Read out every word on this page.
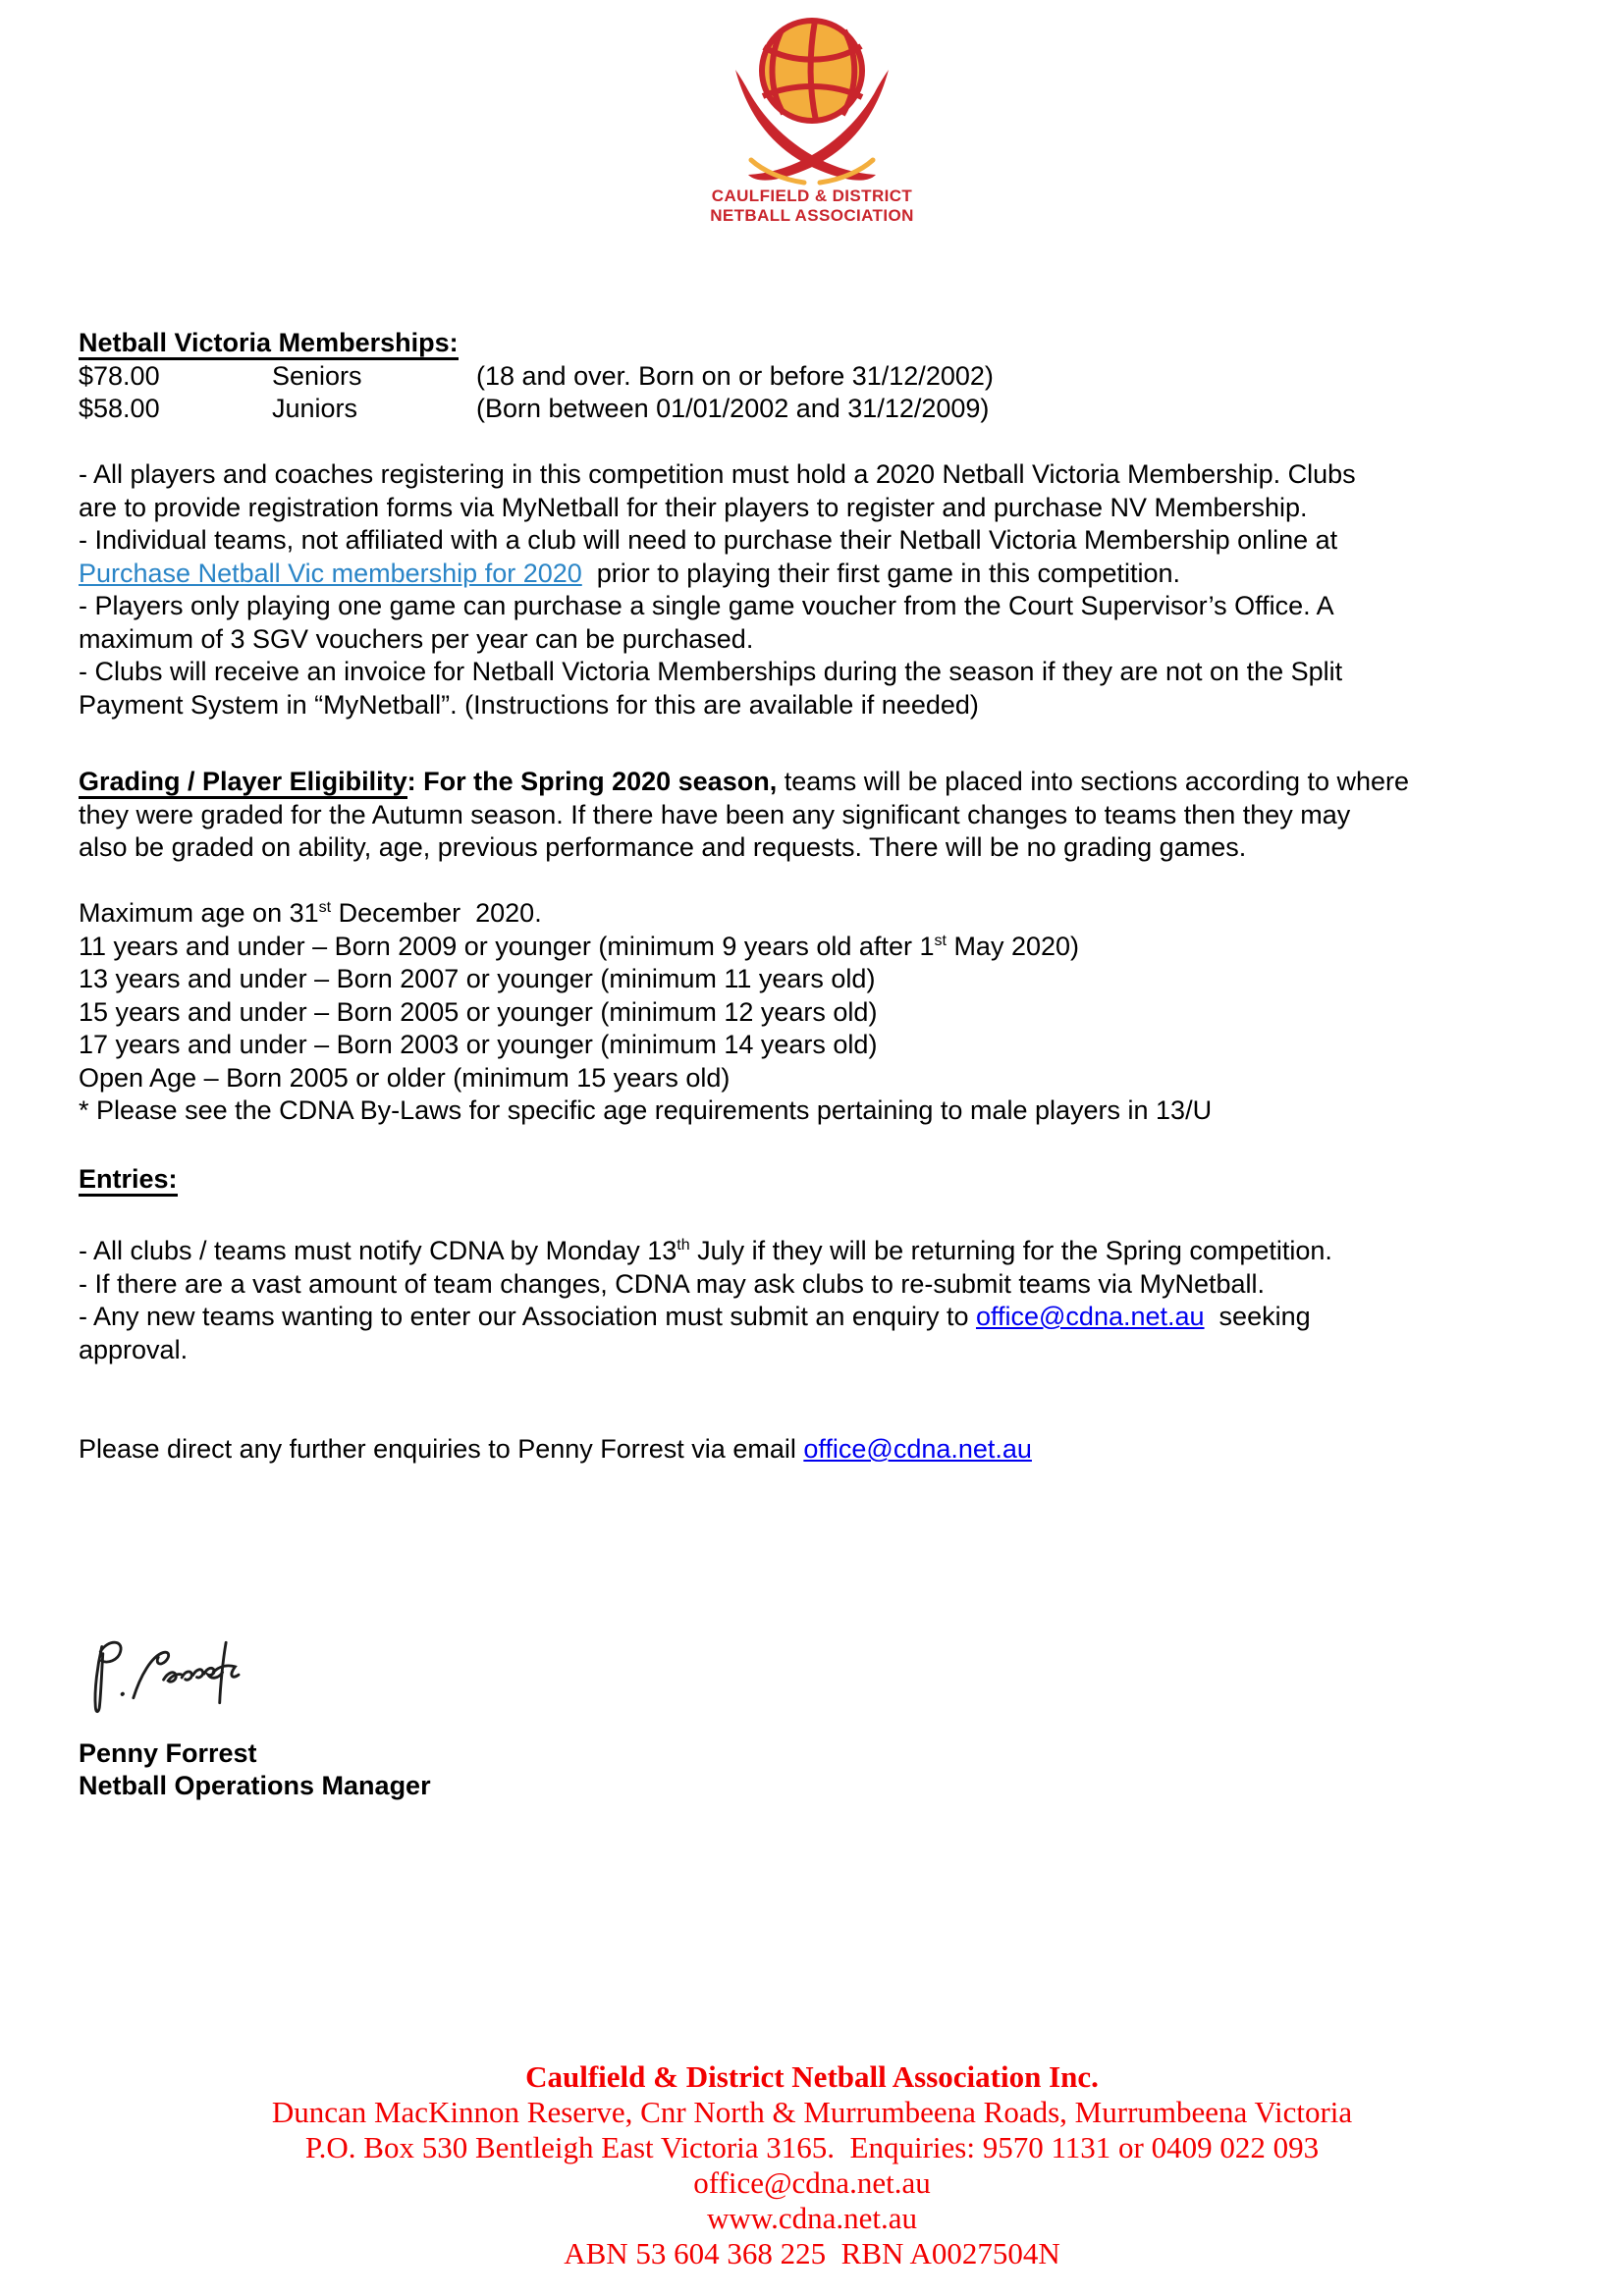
CAULFIELD & DISTRICT
NETBALL ASSOCIATION
Netball Victoria Memberships:
$78.00	Seniors	(18 and over. Born on or before 31/12/2002)
$58.00	Juniors	(Born between 01/01/2002 and 31/12/2009)
- All players and coaches registering in this competition must hold a 2020 Netball Victoria Membership. Clubs
are to provide registration forms via MyNetball for their players to register and purchase NV Membership.
- Individual teams, not affiliated with a club will need to purchase their Netball Victoria Membership online at
Purchase Netball Vic membership for 2020  prior to playing their first game in this competition.
- Players only playing one game can purchase a single game voucher from the Court Supervisor’s Office. A
maximum of 3 SGV vouchers per year can be purchased.
- Clubs will receive an invoice for Netball Victoria Memberships during the season if they are not on the Split
Payment System in “MyNetball”. (Instructions for this are available if needed)
Grading / Player Eligibility: For the Spring 2020 season, teams will be placed into sections according to where
they were graded for the Autumn season. If there have been any significant changes to teams then they may
also be graded on ability, age, previous performance and requests. There will be no grading games.
Maximum age on 31st December  2020.
11 years and under – Born 2009 or younger (minimum 9 years old after 1st May 2020)
13 years and under – Born 2007 or younger (minimum 11 years old)
15 years and under – Born 2005 or younger (minimum 12 years old)
17 years and under – Born 2003 or younger (minimum 14 years old)
Open Age – Born 2005 or older (minimum 15 years old)
* Please see the CDNA By-Laws for specific age requirements pertaining to male players in 13/U
Entries:
- All clubs / teams must notify CDNA by Monday 13th July if they will be returning for the Spring competition.
- If there are a vast amount of team changes, CDNA may ask clubs to re-submit teams via MyNetball.
- Any new teams wanting to enter our Association must submit an enquiry to office@cdna.net.au  seeking
approval.
Please direct any further enquiries to Penny Forrest via email office@cdna.net.au
Penny Forrest
Netball Operations Manager
Caulfield & District Netball Association Inc.
Duncan MacKinnon Reserve, Cnr North & Murrumbeena Roads, Murrumbeena Victoria
P.O. Box 530 Bentleigh East Victoria 3165.  Enquiries: 9570 1131 or 0409 022 093
office@cdna.net.au
www.cdna.net.au
ABN 53 604 368 225  RBN A0027504N
